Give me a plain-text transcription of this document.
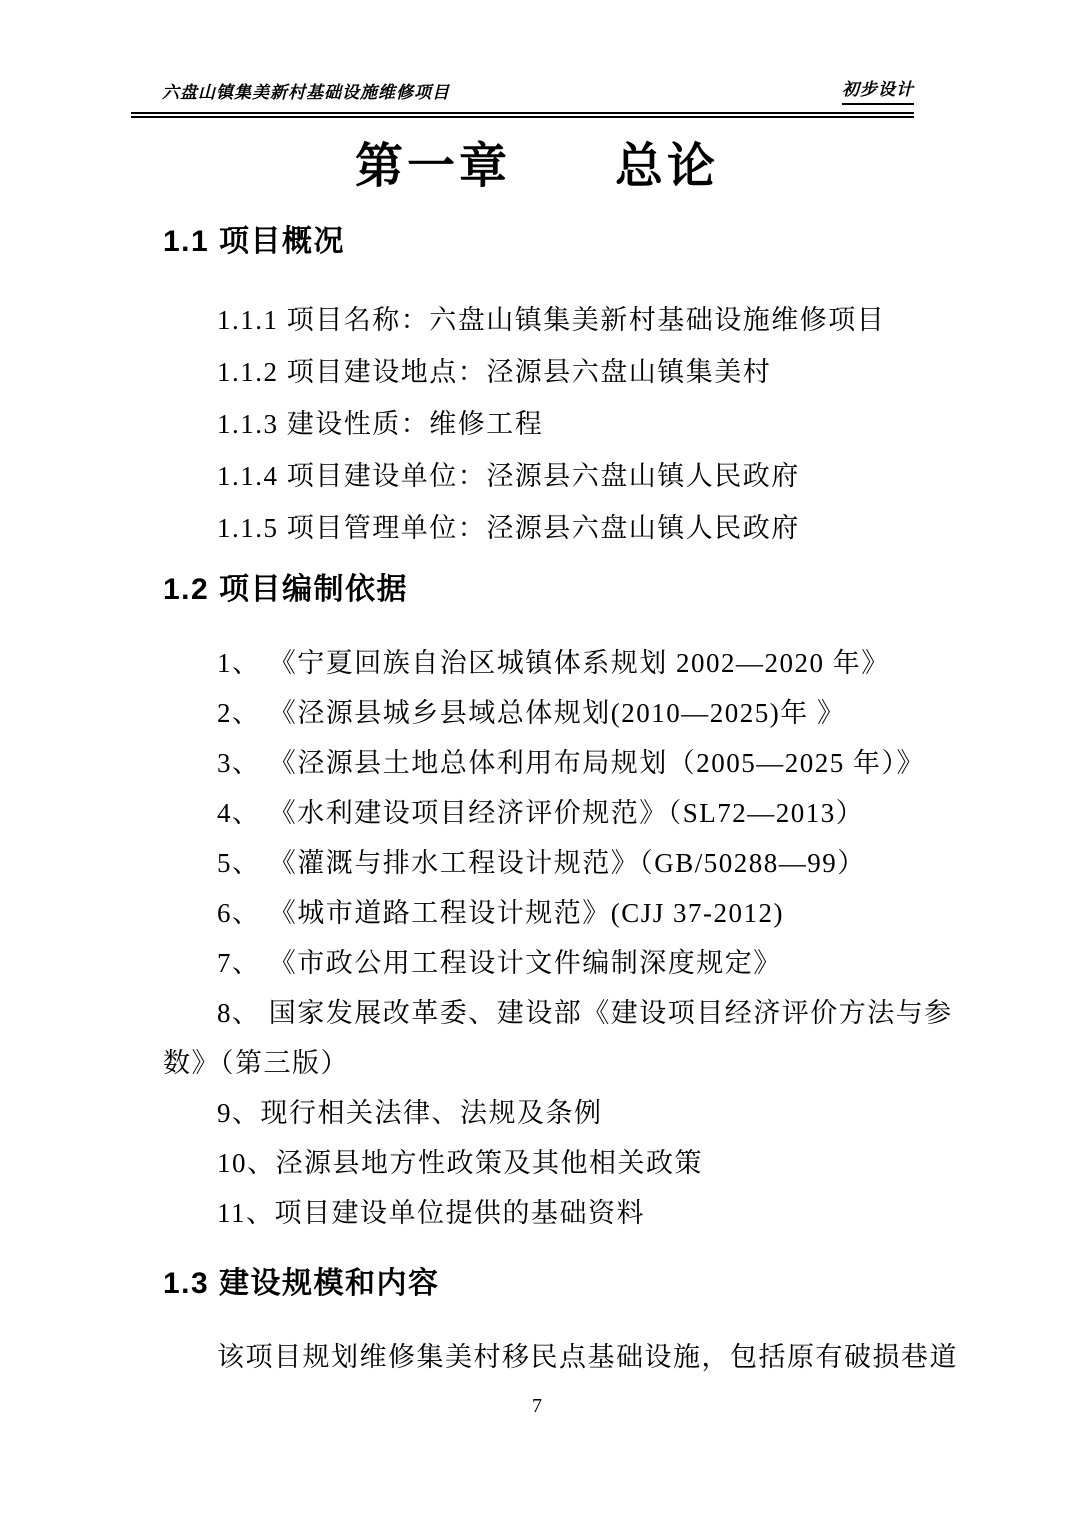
六盘山镇集美新村基础设施维修项目	初步设计
第一章　　总论
1.1 项目概况

1.1.1 项目名称：六盘山镇集美新村基础设施维修项目

1.1.2 项目建设地点：泾源县六盘山镇集美村

1.1.3 建设性质：维修工程

1.1.4 项目建设单位：泾源县六盘山镇人民政府

1.1.5 项目管理单位：泾源县六盘山镇人民政府

1.2 项目编制依据

1、 《宁夏回族自治区城镇体系规划 2002—2020 年》

2、 《泾源县城乡县域总体规划(2010—2025)年 》

3、 《泾源县土地总体利用布局规划（2005—2025 年）》

4、 《水利建设项目经济评价规范》（SL72—2013）

5、 《灌溉与排水工程设计规范》（GB/50288—99）

6、 《城市道路工程设计规范》(CJJ 37-2012)

7、 《市政公用工程设计文件编制深度规定》

8、 国家发展改革委、建设部《建设项目经济评价方法与参

数》（第三版）

9、现行相关法律、法规及条例

10、泾源县地方性政策及其他相关政策

11、项目建设单位提供的基础资料

1.3 建设规模和内容

该项目规划维修集美村移民点基础设施，包括原有破损巷道

7
